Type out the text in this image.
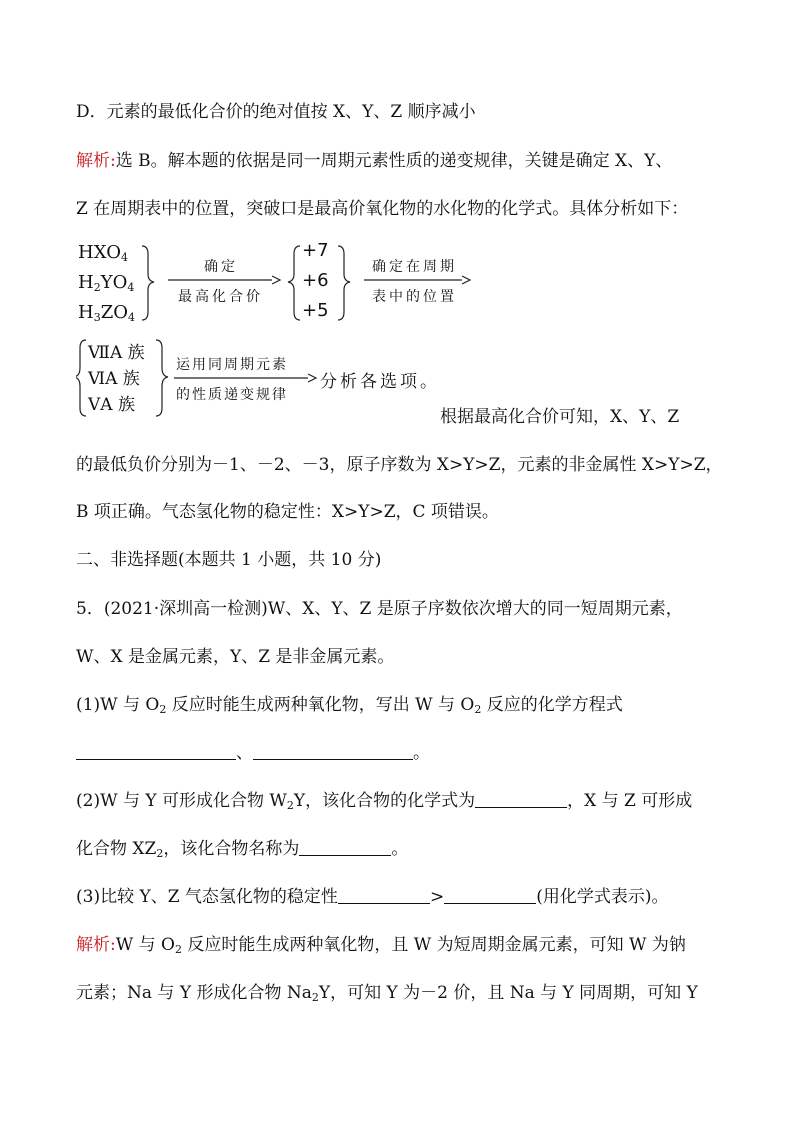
D．元素的最低化合价的绝对值按 X、Y、Z 顺序减小
解析:选 B。解本题的依据是同一周期元素性质的递变规律，关键是确定 X、Y、
Z 在周期表中的位置，突破口是最高价氧化物的水化物的化学式。具体分析如下：
$HXO_4$
$H_2YO_4$
$H_3ZO_4$
确定
最高化合价
+7
+6
+5
确定在周期
表中的位置
ⅦA 族
ⅥA 族
ⅤA 族
运用同周期元素
的性质递变规律
分析各选项。
根据最高化合价可知，X、Y、Z
的最低负价分别为－1、－2、－3，原子序数为 X>Y>Z，元素的非金属性 X>Y>Z，
B 项正确。气态氢化物的稳定性：X>Y>Z，C 项错误。
二、非选择题(本题共 1 小题，共 10 分)
5．(2021·深圳高一检测)W、X、Y、Z 是原子序数依次增大的同一短周期元素，
W、X 是金属元素，Y、Z 是非金属元素。
(1)W 与 $O_2$ 反应时能生成两种氧化物，写出 W 与 $O_2$ 反应的化学方程式
、	。
(2)W 与 Y 可形成化合物 $W_2Y$，该化合物的化学式为	，X 与 Z 可形成
化合物 $XZ_2$，该化合物名称为	。
(3)比较 Y、Z 气态氢化物的稳定性	>	(用化学式表示)。
解析:W 与 $O_2$ 反应时能生成两种氧化物，且 W 为短周期金属元素，可知 W 为钠
元素；Na 与 Y 形成化合物 $Na_2Y$，可知 Y 为－2 价，且 Na 与 Y 同周期，可知 Y
